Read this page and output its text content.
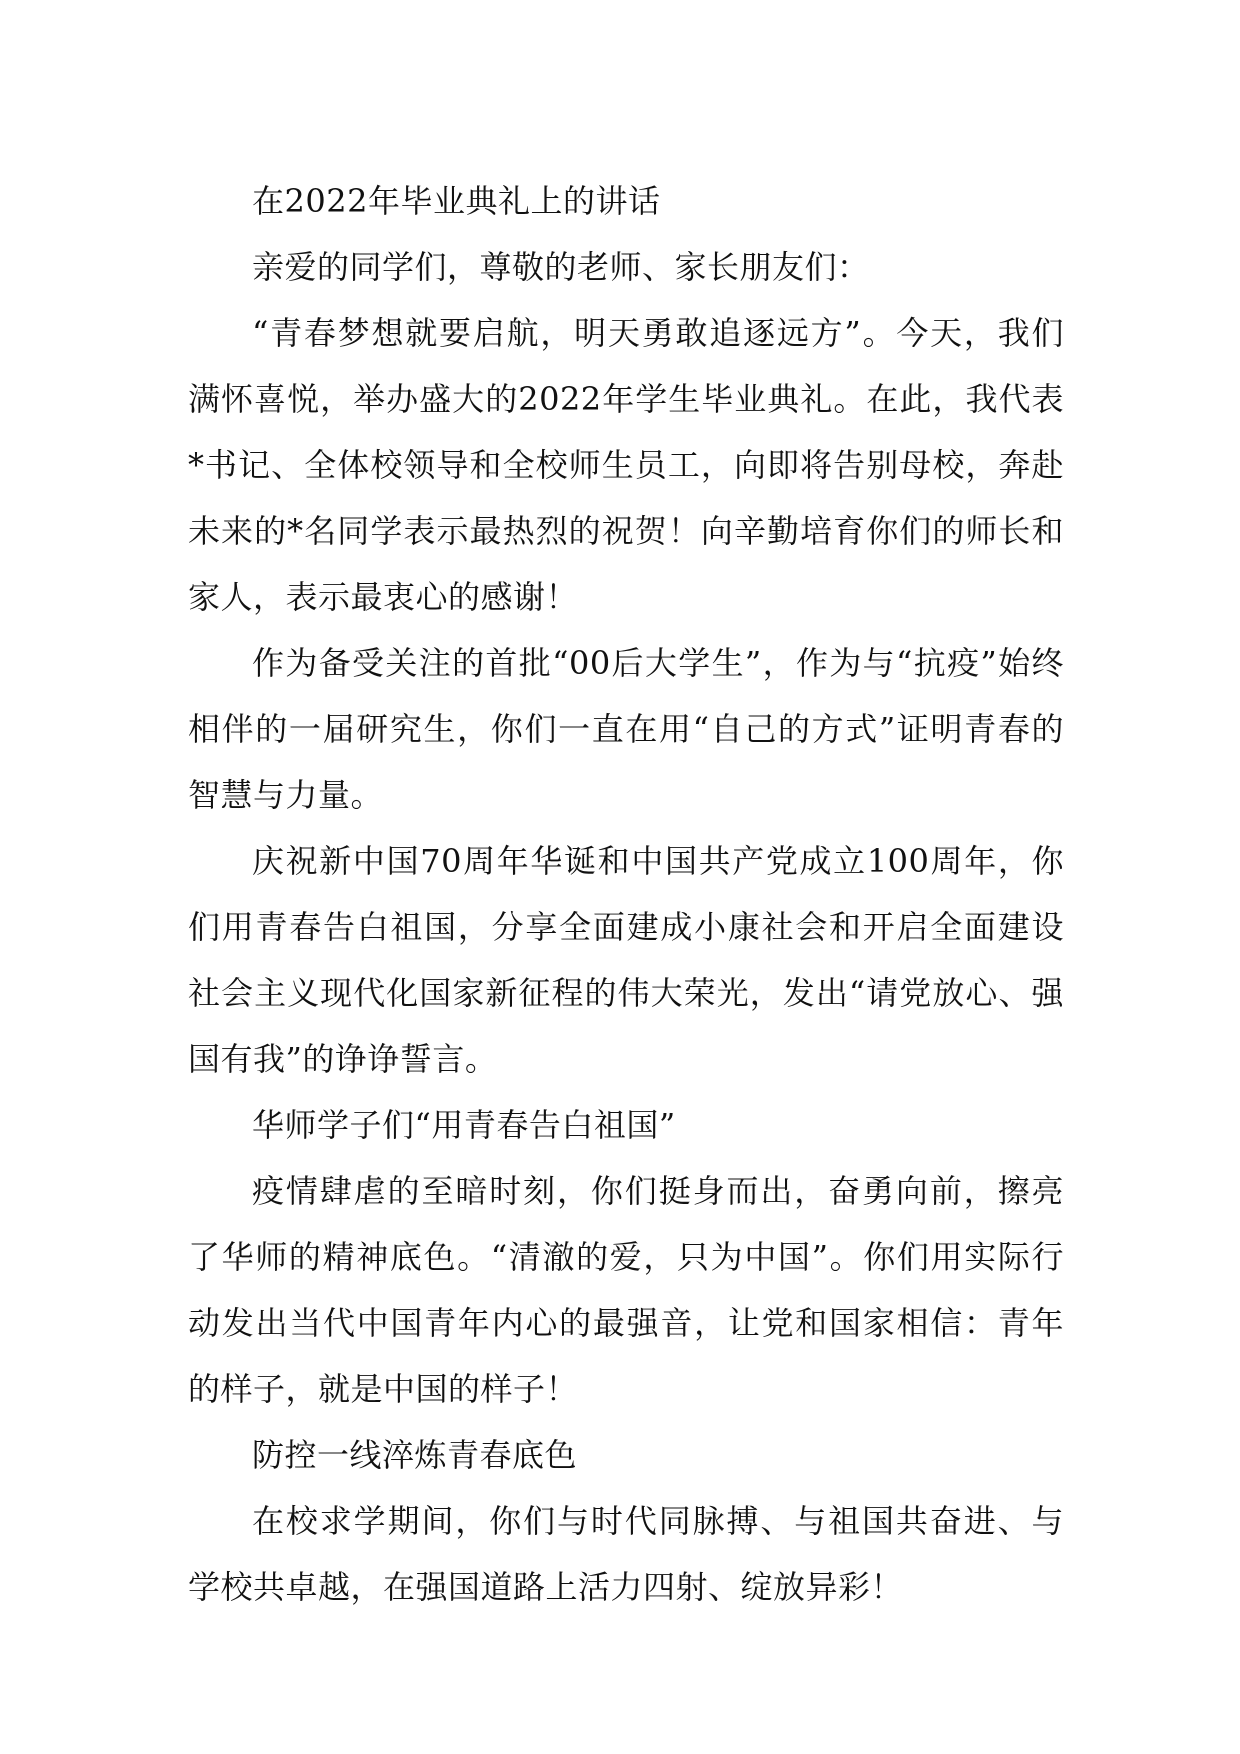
在2022年毕业典礼上的讲话

亲爱的同学们，尊敬的老师、家长朋友们：

“青春梦想就要启航，明天勇敢追逐远方”。今天，我们满怀喜悦，举办盛大的2022年学生毕业典礼。在此，我代表*书记、全体校领导和全校师生员工，向即将告别母校，奔赴未来的*名同学表示最热烈的祝贺！向辛勤培育你们的师长和家人，表示最衷心的感谢！

作为备受关注的首批“00后大学生”，作为与“抗疫”始终相伴的一届研究生，你们一直在用“自己的方式”证明青春的智慧与力量。

庆祝新中国70周年华诞和中国共产党成立100周年，你们用青春告白祖国，分享全面建成小康社会和开启全面建设社会主义现代化国家新征程的伟大荣光，发出“请党放心、强国有我”的诤诤誓言。

华师学子们“用青春告白祖国”

疫情肆虐的至暗时刻，你们挺身而出，奋勇向前，擦亮了华师的精神底色。“清澈的爱，只为中国”。你们用实际行动发出当代中国青年内心的最强音，让党和国家相信：青年的样子，就是中国的样子！

防控一线淬炼青春底色

在校求学期间，你们与时代同脉搏、与祖国共奋进、与学校共卓越，在强国道路上活力四射、绽放异彩！
